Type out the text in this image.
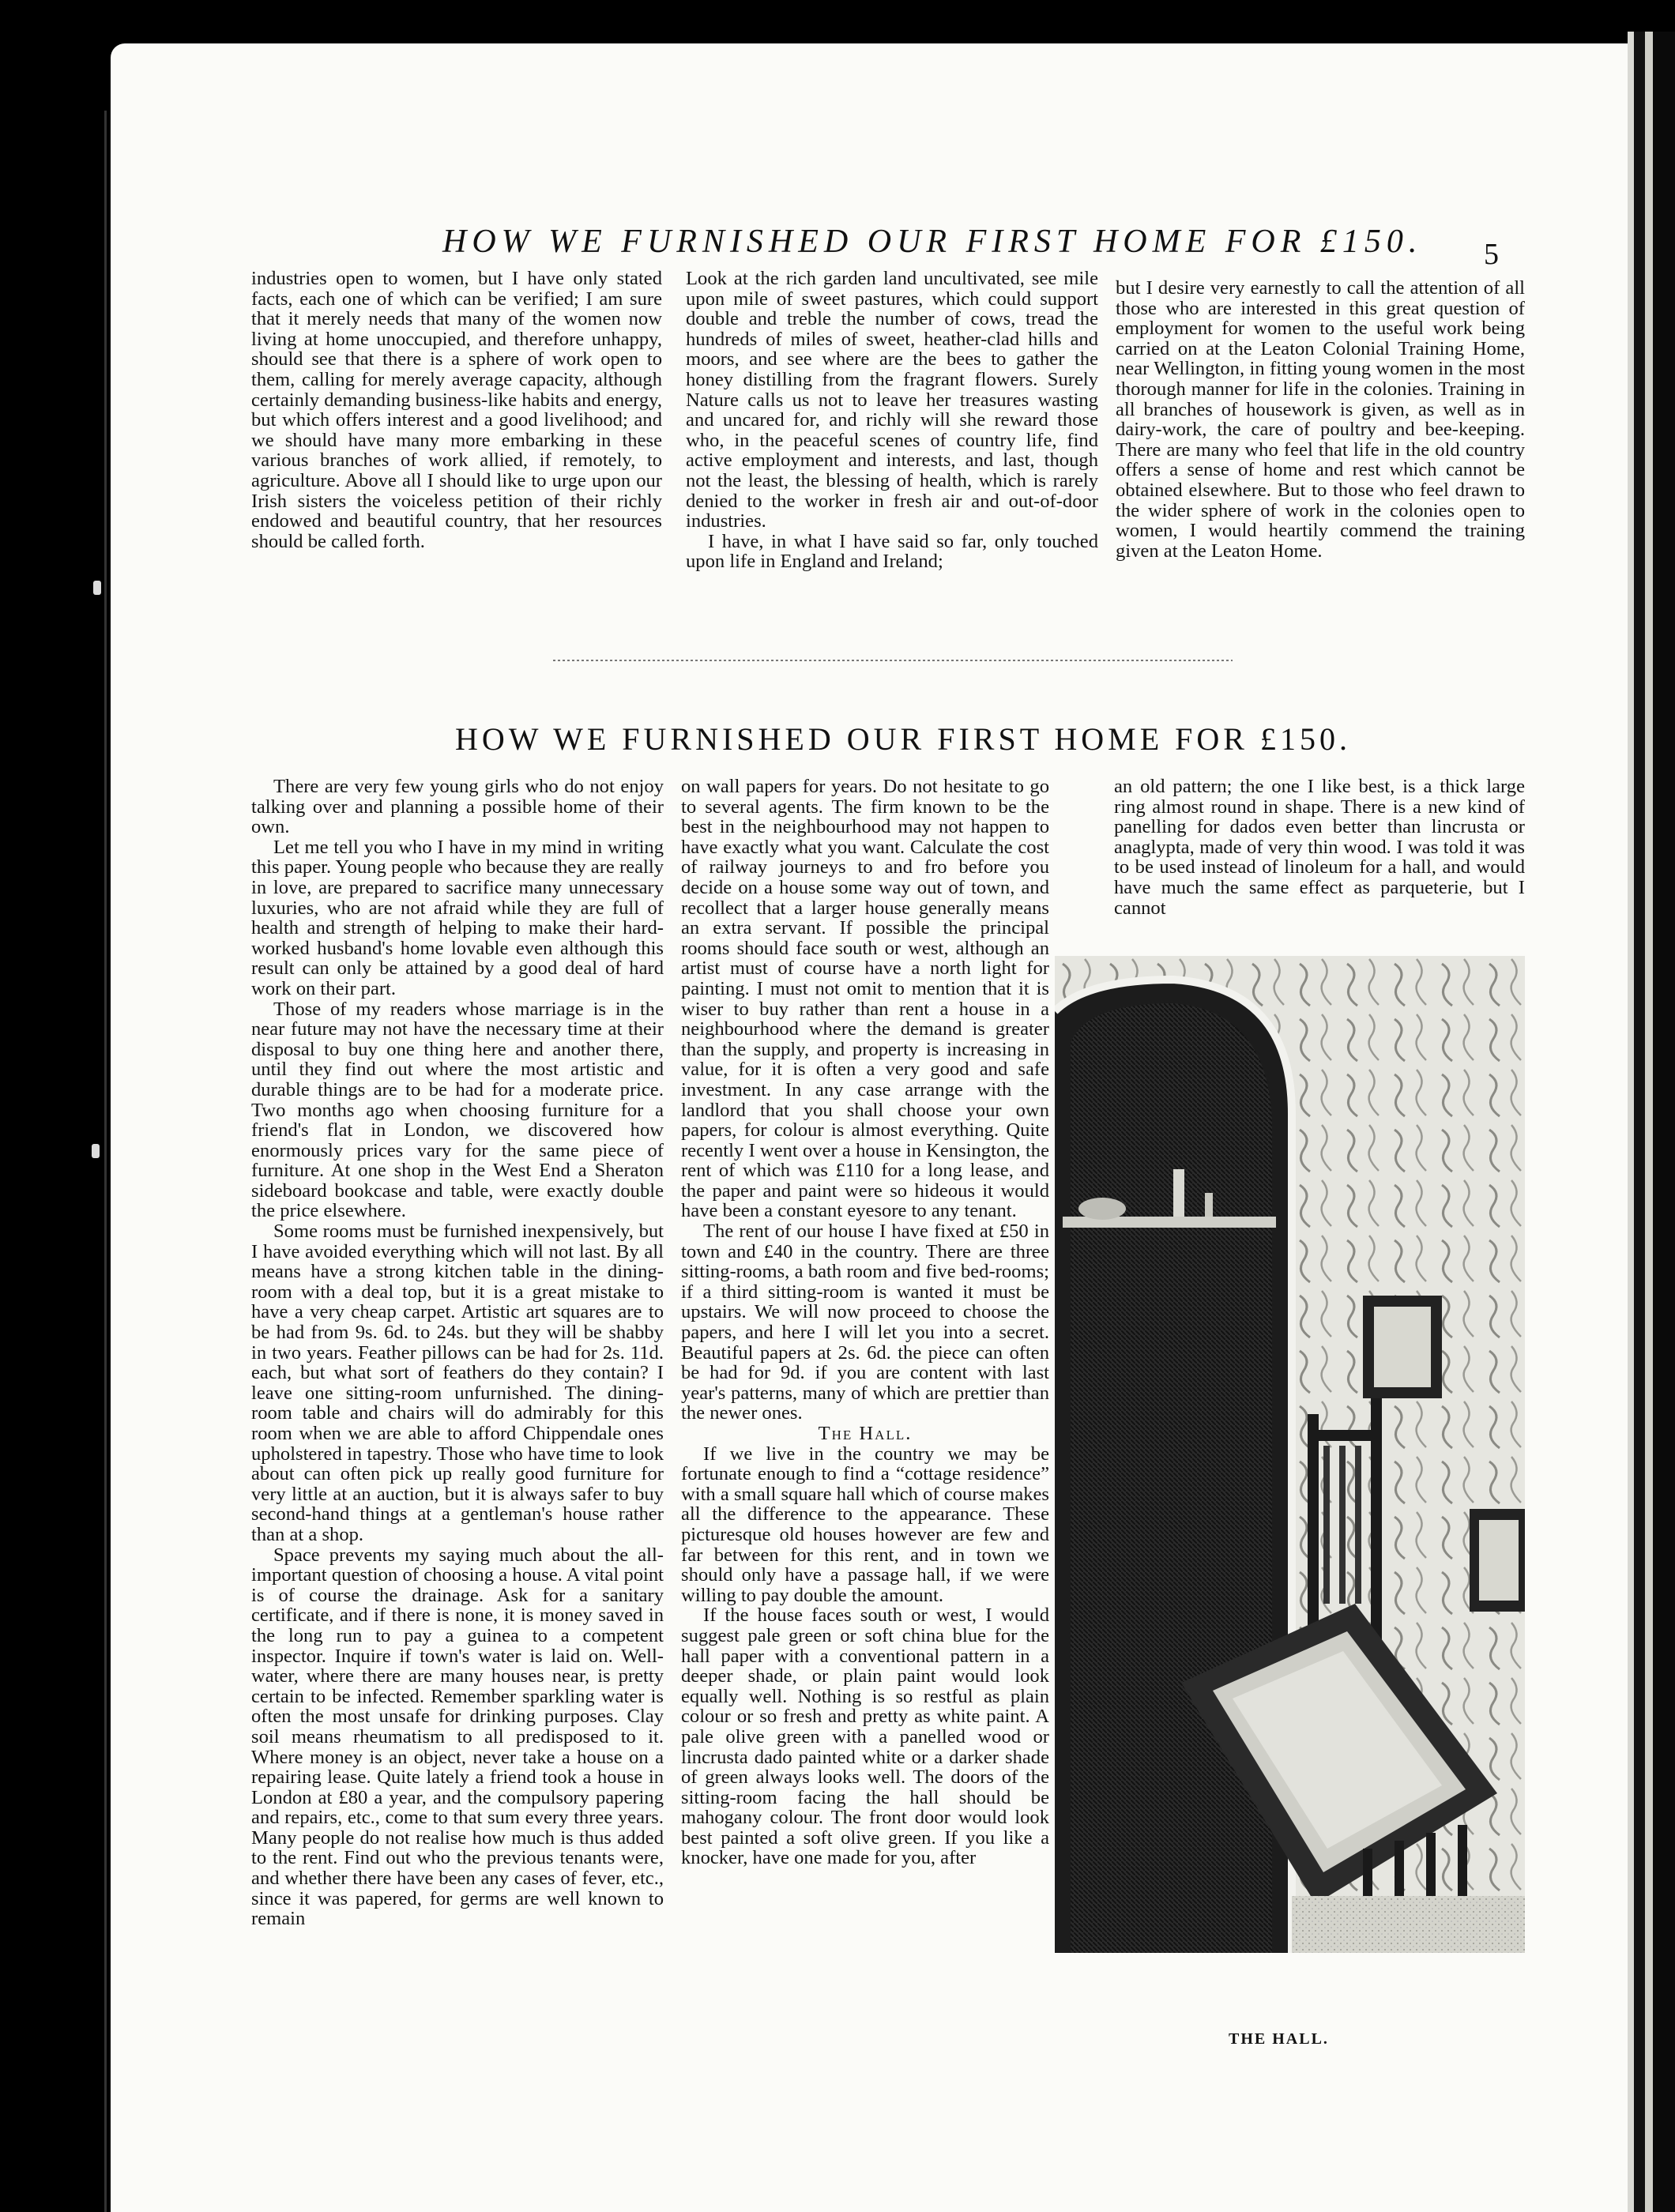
HOW WE FURNISHED OUR FIRST HOME FOR £150. 5

industries open to women, but I have only stated facts, each one of which can be verified; I am sure that it merely needs that many of the women now living at home unoccupied, and therefore unhappy, should see that there is a sphere of work open to them, calling for merely average capacity, although certainly demanding business-like habits and energy, but which offers interest and a good livelihood; and we should have many more embarking in these various branches of work allied, if remotely, to agriculture. Above all I should like to urge upon our Irish sisters the voiceless petition of their richly endowed and beautiful country, that her resources should be called forth.

Look at the rich garden land uncultivated, see mile upon mile of sweet pastures, which could support double and treble the number of cows, tread the hundreds of miles of sweet, heather-clad hills and moors, and see where are the bees to gather the honey distilling from the fragrant flowers. Surely Nature calls us not to leave her treasures wasting and uncared for, and richly will she reward those who, in the peaceful scenes of country life, find active employment and interests, and last, though not the least, the blessing of health, which is rarely denied to the worker in fresh air and out-of-door industries.

I have, in what I have said so far, only touched upon life in England and Ireland;

but I desire very earnestly to call the attention of all those who are interested in this great question of employment for women to the useful work being carried on at the Leaton Colonial Training Home, near Wellington, in fitting young women in the most thorough manner for life in the colonies. Training in all branches of housework is given, as well as in dairy-work, the care of poultry and bee-keeping. There are many who feel that life in the old country offers a sense of home and rest which cannot be obtained elsewhere. But to those who feel drawn to the wider sphere of work in the colonies open to women, I would heartily commend the training given at the Leaton Home.

HOW WE FURNISHED OUR FIRST HOME FOR £150.

There are very few young girls who do not enjoy talking over and planning a possible home of their own.

Let me tell you who I have in my mind in writing this paper. Young people who because they are really in love, are prepared to sacrifice many unnecessary luxuries, who are not afraid while they are full of health and strength of helping to make their hard-worked husband's home lovable even although this result can only be attained by a good deal of hard work on their part.

Those of my readers whose marriage is in the near future may not have the necessary time at their disposal to buy one thing here and another there, until they find out where the most artistic and durable things are to be had for a moderate price. Two months ago when choosing furniture for a friend's flat in London, we discovered how enormously prices vary for the same piece of furniture. At one shop in the West End a Sheraton sideboard bookcase and table, were exactly double the price elsewhere.

Some rooms must be furnished inexpensively, but I have avoided everything which will not last. By all means have a strong kitchen table in the dining-room with a deal top, but it is a great mistake to have a very cheap carpet. Artistic art squares are to be had from 9s. 6d. to 24s. but they will be shabby in two years. Feather pillows can be had for 2s. 11d. each, but what sort of feathers do they contain? I leave one sitting-room unfurnished. The dining-room table and chairs will do admirably for this room when we are able to afford Chippendale ones upholstered in tapestry. Those who have time to look about can often pick up really good furniture for very little at an auction, but it is always safer to buy second-hand things at a gentleman's house rather than at a shop.

Space prevents my saying much about the all-important question of choosing a house. A vital point is of course the drainage. Ask for a sanitary certificate, and if there is none, it is money saved in the long run to pay a guinea to a competent inspector. Inquire if town's water is laid on. Well-water, where there are many houses near, is pretty certain to be infected. Remember sparkling water is often the most unsafe for drinking purposes. Clay soil means rheumatism to all predisposed to it. Where money is an object, never take a house on a repairing lease. Quite lately a friend took a house in London at £80 a year, and the compulsory papering and repairs, etc., come to that sum every three years. Many people do not realise how much is thus added to the rent. Find out who the previous tenants were, and whether there have been any cases of fever, etc., since it was papered, for germs are well known to remain

on wall papers for years. Do not hesitate to go to several agents. The firm known to be the best in the neighbourhood may not happen to have exactly what you want. Calculate the cost of railway journeys to and fro before you decide on a house some way out of town, and recollect that a larger house generally means an extra servant. If possible the principal rooms should face south or west, although an artist must of course have a north light for painting. I must not omit to mention that it is wiser to buy rather than rent a house in a neighbourhood where the demand is greater than the supply, and property is increasing in value, for it is often a very good and safe investment. In any case arrange with the landlord that you shall choose your own papers, for colour is almost everything. Quite recently I went over a house in Kensington, the rent of which was £110 for a long lease, and the paper and paint were so hideous it would have been a constant eyesore to any tenant.

The rent of our house I have fixed at £50 in town and £40 in the country. There are three sitting-rooms, a bath room and five bed-rooms; if a third sitting-room is wanted it must be upstairs. We will now proceed to choose the papers, and here I will let you into a secret. Beautiful papers at 2s. 6d. the piece can often be had for 9d. if you are content with last year's patterns, many of which are prettier than the newer ones.

The Hall.

If we live in the country we may be fortunate enough to find a “cottage residence” with a small square hall which of course makes all the difference to the appearance. These picturesque old houses however are few and far between for this rent, and in town we should only have a passage hall, if we were willing to pay double the amount.

If the house faces south or west, I would suggest pale green or soft china blue for the hall paper with a conventional pattern in a deeper shade, or plain paint would look equally well. Nothing is so restful as plain colour or so fresh and pretty as white paint. A pale olive green with a panelled wood or lincrusta dado painted white or a darker shade of green always looks well. The doors of the sitting-room facing the hall should be mahogany colour. The front door would look best painted a soft olive green. If you like a knocker, have one made for you, after

an old pattern; the one I like best, is a thick large ring almost round in shape. There is a new kind of panelling for dados even better than lincrusta or anaglypta, made of very thin wood. I was told it was to be used instead of linoleum for a hall, and would have much the same effect as parqueterie, but I cannot

THE HALL.
